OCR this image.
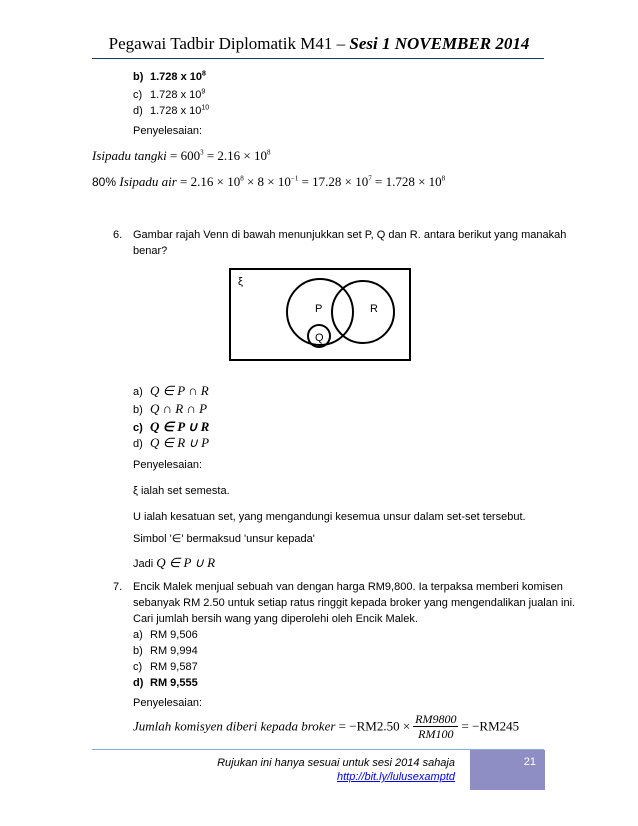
Pegawai Tadbir Diplomatik M41 – Sesi 1 NOVEMBER 2014
b) 1.728 x $10^8$
c) 1.728 x $10^9$
d) 1.728 x $10^{10}$
Penyelesaian:
Isipadu tangki = $600^3 = 2.16 \times 10^8$
80% Isipadu air = $2.16 \times 10^8 \times 8 \times 10^{-1} = 17.28 \times 10^7 = 1.728 \times 10^8$
6. Gambar rajah Venn di bawah menunjukkan set P, Q dan R. antara berikut yang manakah
benar?
ξ
P	R
Q
a) Q ∈ P ∩ R
b) Q ∩ R ∩ P
c) Q ∈ P ∪ R
d) Q ∈ R ∪ P
Penyelesaian:
ξ ialah set semesta.
U ialah kesatuan set, yang mengandungi kesemua unsur dalam set-set tersebut.
Simbol '∈' bermaksud 'unsur kepada'
Jadi Q ∈ P ∪ R
7. Encik Malek menjual sebuah van dengan harga RM9,800. Ia terpaksa memberi komisen
sebanyak RM 2.50 untuk setiap ratus ringgit kepada broker yang mengendalikan jualan ini.
Cari jumlah bersih wang yang diperolehi oleh Encik Malek.
a) RM 9,506
b) RM 9,994
c) RM 9,587
d) RM 9,555
Penyelesaian:
Jumlah komisyen diberi kepada broker = $-RM2.50 \times \frac{RM9800}{RM100} = -RM245$
Rujukan ini hanya sesuai untuk sesi 2014 sahaja
http://bit.ly/lulusexamptd
21
